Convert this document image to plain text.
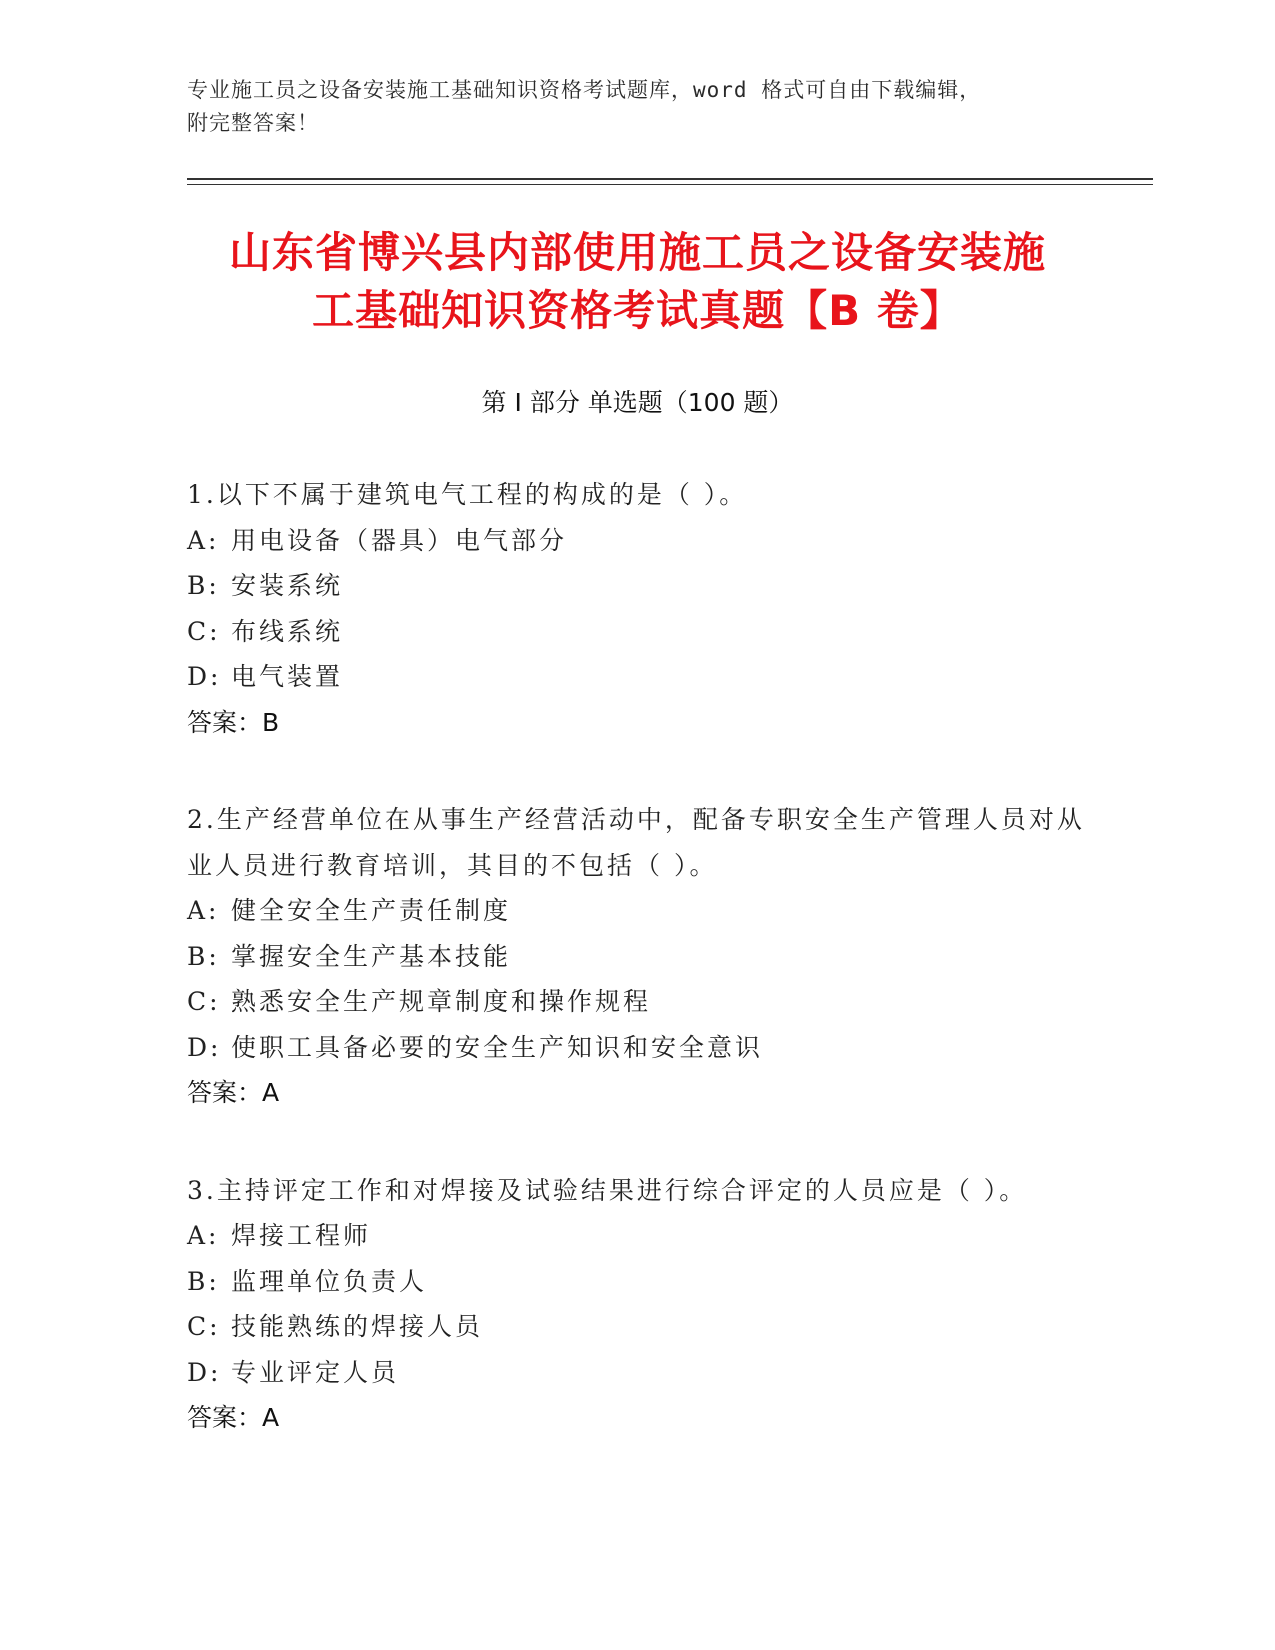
专业施工员之设备安装施工基础知识资格考试题库，word 格式可自由下载编辑，
附完整答案！
山东省博兴县内部使用施工员之设备安装施
工基础知识资格考试真题【B 卷】
第 I 部分 单选题（100 题）

1.以下不属于建筑电气工程的构成的是（ ）。

A: 用电设备（器具）电气部分

B: 安装系统

C: 布线系统

D: 电气装置

答案：B

2.生产经营单位在从事生产经营活动中，配备专职安全生产管理人员对从业人员进行教育培训，其目的不包括（ ）。

A: 健全安全生产责任制度

B: 掌握安全生产基本技能

C: 熟悉安全生产规章制度和操作规程

D: 使职工具备必要的安全生产知识和安全意识

答案：A

3.主持评定工作和对焊接及试验结果进行综合评定的人员应是（ ）。

A: 焊接工程师

B: 监理单位负责人

C: 技能熟练的焊接人员

D: 专业评定人员

答案：A
